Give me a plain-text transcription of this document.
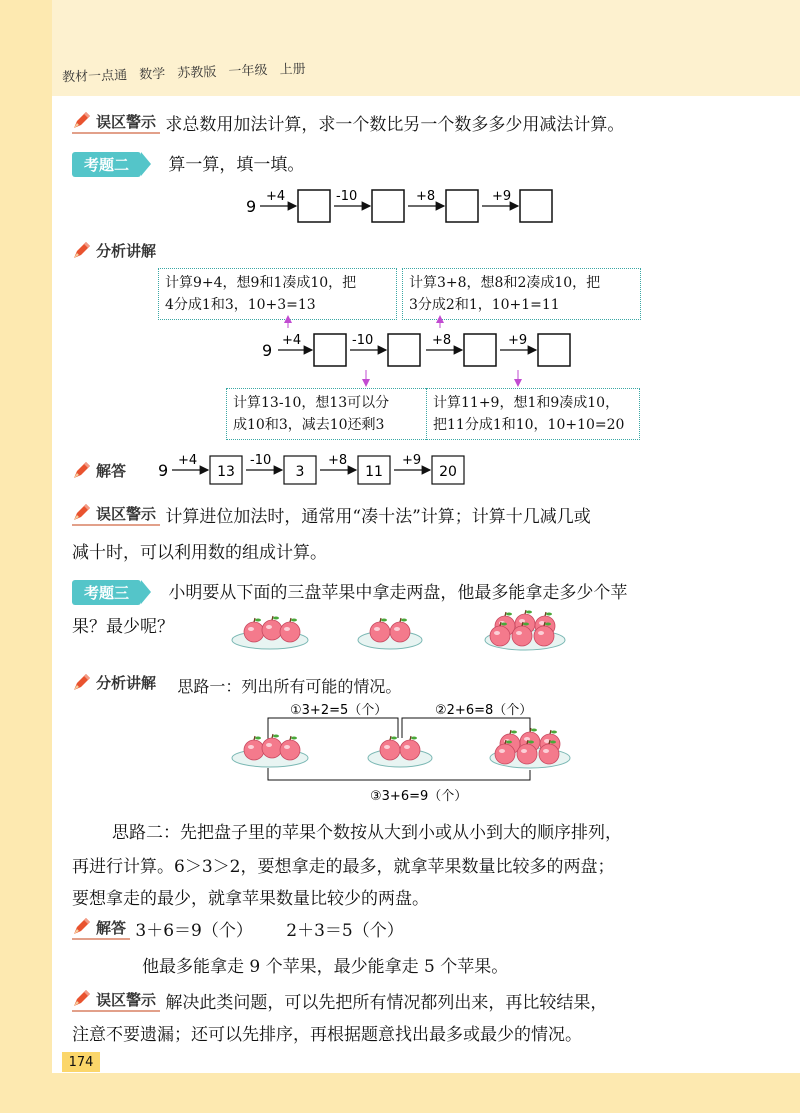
教材一点通 数学 苏教版 一年级 上册
误区警示 求总数用加法计算，求一个数比另一个数多多少用减法计算。
考题二 算一算，填一填。
9
+4	-10	+8	+9
分析讲解
计算9+4，想9和1凑成10，把
4分成1和3，10+3=13
计算3+8，想8和2凑成10，把
3分成2和1，10+1=11
9
+4	-10	+8	+9
计算13-10，想13可以分
成10和3，减去10还剩3
计算11+9，想1和9凑成10，
把11分成1和10，10+10=20
解答 9
+4
13
-10
3
+8
11
+9
20
误区警示 计算进位加法时，通常用“凑十法”计算；计算十几减几或
减十时，可以利用数的组成计算。
考题三 小明要从下面的三盘苹果中拿走两盘，他最多能拿走多少个苹
果？最少呢？
分析讲解 思路一：列出所有可能的情况。
①3+2=5（个）	②2+6=8（个）
③3+6=9（个）
思路二：先把盘子里的苹果个数按从大到小或从小到大的顺序排列，
再进行计算。6＞3＞2，要想拿走的最多，就拿苹果数量比较多的两盘；
要想拿走的最少，就拿苹果数量比较少的两盘。
解答 3＋6＝9（个） 2＋3＝5（个）
他最多能拿走 9 个苹果，最少能拿走 5 个苹果。
误区警示 解决此类问题，可以先把所有情况都列出来，再比较结果，
注意不要遗漏；还可以先排序，再根据题意找出最多或最少的情况。
174
